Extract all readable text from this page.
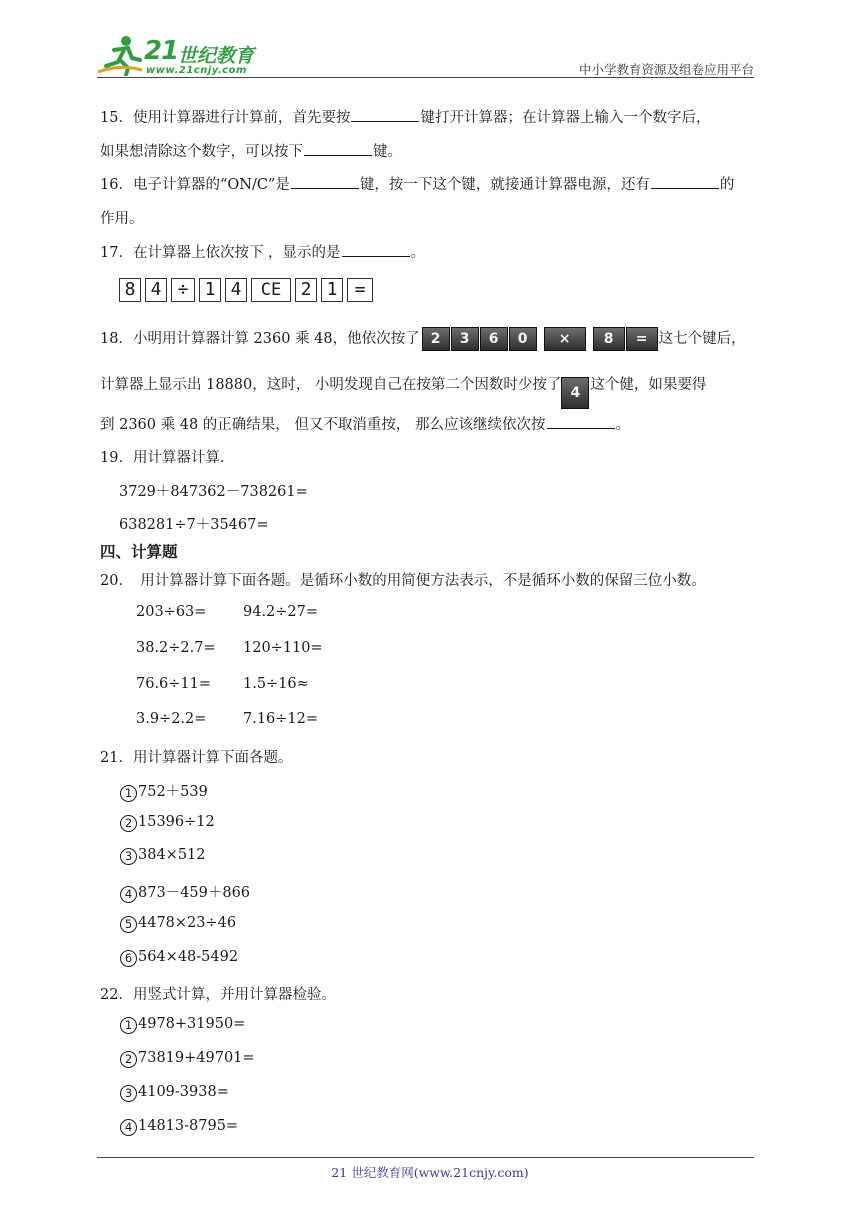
21 世纪教育
www.21cnjy.com	中小学教育资源及组卷应用平台
15．使用计算器进行计算前，首先要按	键打开计算器；在计算器上输入一个数字后，
如果想清除这个数字，可以按下	键。
16．电子计算器的“ON/C”是	键，按一下这个键，就接通计算器电源，还有	的
作用。
17．在计算器上依次按下 ，显示的是	。
8 4 ÷ 1 4 CE 2 1 =
18．小明用计算器计算 2360 乘 48，他依次按了 2 3 6 0 × 8 = 这七个键后，
计算器上显示出 18880，这时， 小明发现自己在按第二个因数时少按了 4 这个健，如果要得
到 2360 乘 48 的正确结果， 但又不取消重按， 那么应该继续依次按	。
19．用计算器计算．
3729＋847362－738261=
638281÷7＋35467=
四、计算题
20．　用计算器计算下面各题。是循环小数的用简便方法表示，不是循环小数的保留三位小数。
203÷63=	94.2÷27=
38.2÷2.7= 120÷110=
76.6÷11= 1.5÷16≈
3.9÷2.2=	7.16÷12=
21．用计算器计算下面各题。
1 752＋539
2 15396÷12
3 384×512
4 873－459＋866
5 4478×23÷46
6 564×48-5492
22．用竖式计算，并用计算器检验。
1 4978+31950=
2 73819+49701=
3 4109-3938=
4 14813-8795=
21 世纪教育网(www.21cnjy.com)
